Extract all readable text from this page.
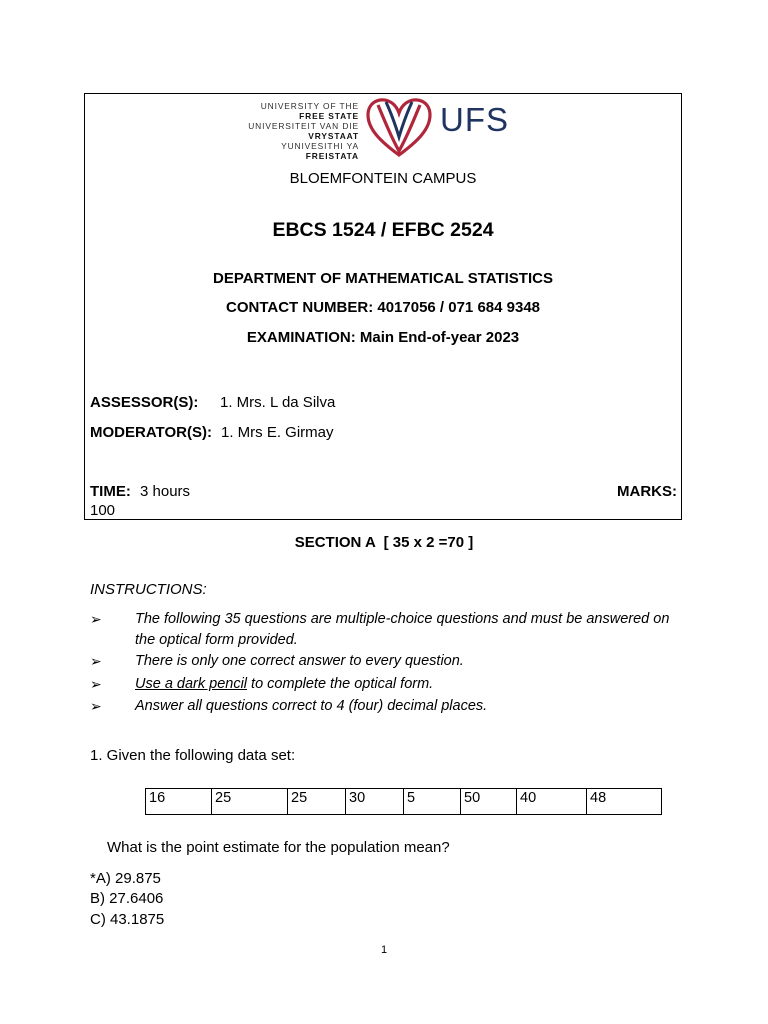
UNIVERSITY OF THE
FREE STATE
UNIVERSITEIT VAN DIE
VRYSTAAT
YUNIVESITHI YA
FREISTATA
UFS
BLOEMFONTEIN CAMPUS
EBCS 1524 / EFBC 2524
DEPARTMENT OF MATHEMATICAL STATISTICS
CONTACT NUMBER: 4017056 / 071 684 9348
EXAMINATION: Main End-of-year 2023
ASSESSOR(S): 1. Mrs. L da Silva
MODERATOR(S): 1. Mrs E. Girmay
TIME: 3 hours	MARKS:
100
SECTION A  [ 35 x 2 =70 ]
INSTRUCTIONS:
➢ The following 35 questions are multiple-choice questions and must be answered on the optical form provided.
➢ There is only one correct answer to every question.
➢ Use a dark pencil to complete the optical form.
➢ Answer all questions correct to 4 (four) decimal places.
1. Given the following data set:
16	25	25	30	5	50	40	48
What is the point estimate for the population mean?
*A) 29.875
B) 27.6406
C) 43.1875
1
